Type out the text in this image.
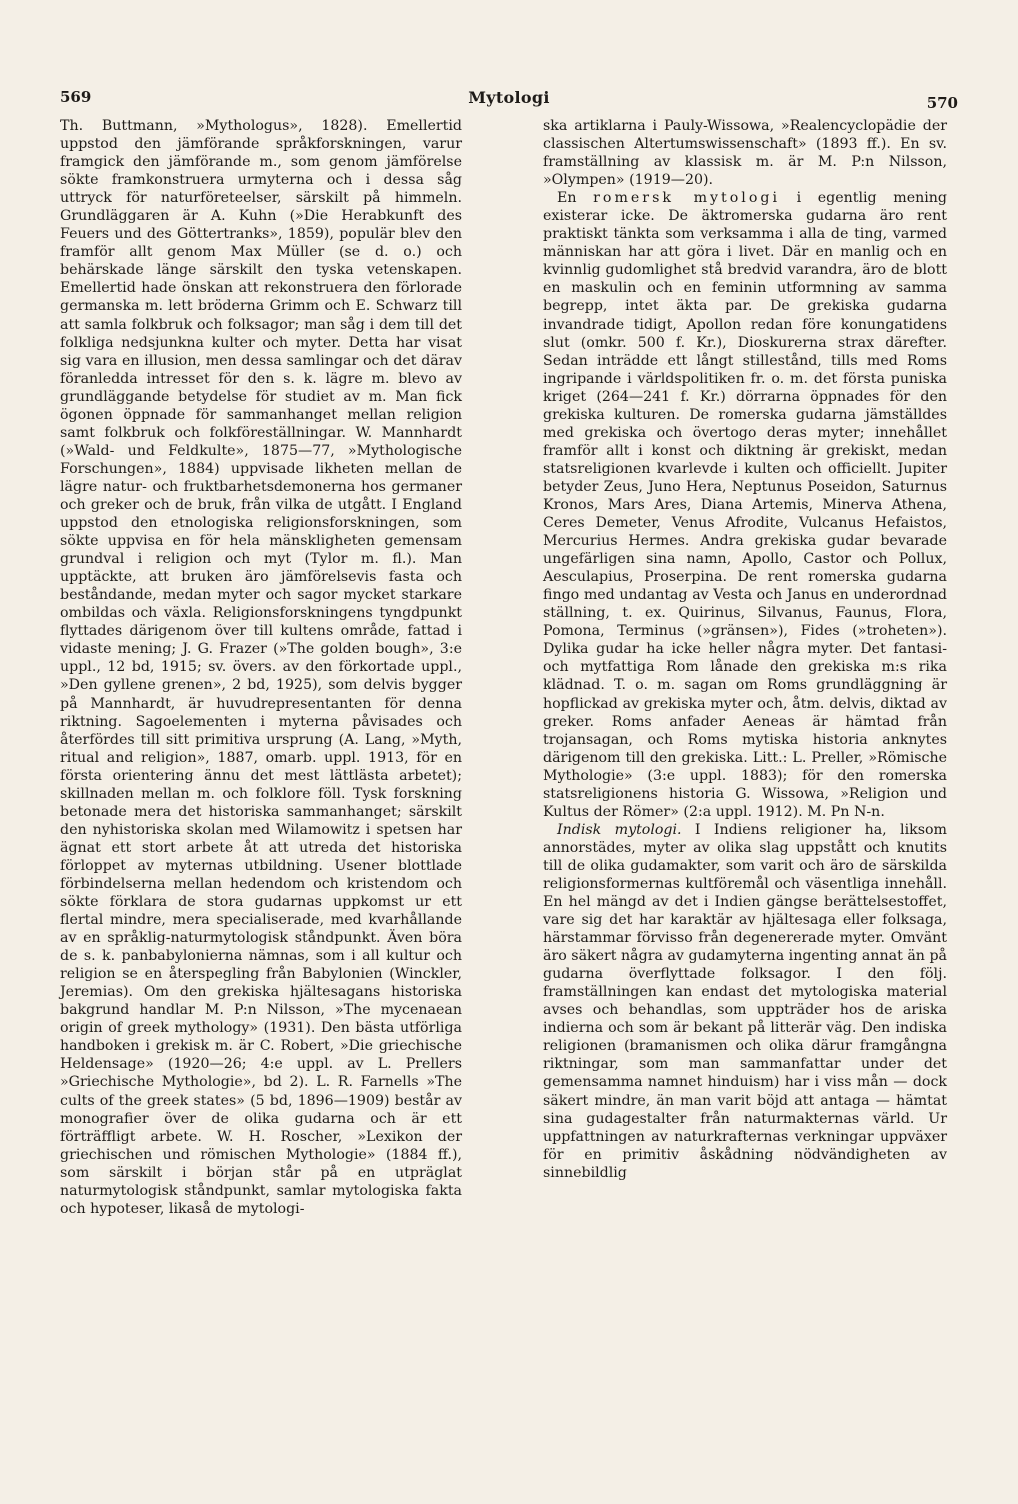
569	Mytologi	570

Th. Buttmann, »Mythologus», 1828). Emellertid uppstod den jämförande språkforskningen, varur framgick den jämförande m., som genom jämförelse sökte framkonstruera urmyterna och i dessa såg uttryck för naturföreteelser, särskilt på himmeln. Grundläggaren är A. Kuhn (»Die Herabkunft des Feuers und des Göttertranks», 1859), populär blev den framför allt genom Max Müller (se d. o.) och behärskade länge särskilt den tyska vetenskapen. Emellertid hade önskan att rekonstruera den förlorade germanska m. lett bröderna Grimm och E. Schwarz till att samla folkbruk och folksagor; man såg i dem till det folkliga nedsjunkna kulter och myter. Detta har visat sig vara en illusion, men dessa samlingar och det därav föranledda intresset för den s. k. lägre m. blevo av grundläggande betydelse för studiet av m. Man fick ögonen öppnade för sammanhanget mellan religion samt folkbruk och folkföreställningar. W. Mannhardt (»Wald- und Feldkulte», 1875—77, »Mythologische Forschungen», 1884) uppvisade likheten mellan de lägre natur- och fruktbarhetsdemonerna hos germaner och greker och de bruk, från vilka de utgått. I England uppstod den etnologiska religionsforskningen, som sökte uppvisa en för hela mänskligheten gemensam grundval i religion och myt (Tylor m. fl.). Man upptäckte, att bruken äro jämförelsevis fasta och beståndande, medan myter och sagor mycket starkare ombildas och växla. Religionsforskningens tyngdpunkt flyttades därigenom över till kultens område, fattad i vidaste mening; J. G. Frazer (»The golden bough», 3:e uppl., 12 bd, 1915; sv. övers. av den förkortade uppl., »Den gyllene grenen», 2 bd, 1925), som delvis bygger på Mannhardt, är huvudrepresentanten för denna riktning. Sagoelementen i myterna påvisades och återfördes till sitt primitiva ursprung (A. Lang, »Myth, ritual and religion», 1887, omarb. uppl. 1913, för en första orientering ännu det mest lättlästa arbetet); skillnaden mellan m. och folklore föll. Tysk forskning betonade mera det historiska sammanhanget; särskilt den nyhistoriska skolan med Wilamowitz i spetsen har ägnat ett stort arbete åt att utreda det historiska förloppet av myternas utbildning. Usener blottlade förbindelserna mellan hedendom och kristendom och sökte förklara de stora gudarnas uppkomst ur ett flertal mindre, mera specialiserade, med kvarhållande av en språklig-naturmytologisk ståndpunkt. Även böra de s. k. panbabylonierna nämnas, som i all kultur och religion se en återspegling från Babylonien (Winckler, Jeremias). Om den grekiska hjältesagans historiska bakgrund handlar M. P:n Nilsson, »The mycenaean origin of greek mythology» (1931). Den bästa utförliga handboken i grekisk m. är C. Robert, »Die griechische Heldensage» (1920—26; 4:e uppl. av L. Prellers »Griechische Mythologie», bd 2). L. R. Farnells »The cults of the greek states» (5 bd, 1896—1909) består av monografier över de olika gudarna och är ett förträffligt arbete. W. H. Roscher, »Lexikon der griechischen und römischen Mythologie» (1884 ff.), som särskilt i början står på en utpräglat naturmytologisk ståndpunkt, samlar mytologiska fakta och hypoteser, likaså de mytologi-

ska artiklarna i Pauly-Wissowa, »Realencyclopädie der classischen Altertumswissenschaft» (1893 ff.). En sv. framställning av klassisk m. är M. P:n Nilsson, »Olympen» (1919—20).

En romersk mytologi i egentlig mening existerar icke. De äktromerska gudarna äro rent praktiskt tänkta som verksamma i alla de ting, varmed människan har att göra i livet. Där en manlig och en kvinnlig gudomlighet stå bredvid varandra, äro de blott en maskulin och en feminin utformning av samma begrepp, intet äkta par. De grekiska gudarna invandrade tidigt, Apollon redan före konungatidens slut (omkr. 500 f. Kr.), Dioskurerna strax därefter. Sedan inträdde ett långt stillestånd, tills med Roms ingripande i världspolitiken fr. o. m. det första puniska kriget (264—241 f. Kr.) dörrarna öppnades för den grekiska kulturen. De romerska gudarna jämställdes med grekiska och övertogo deras myter; innehållet framför allt i konst och diktning är grekiskt, medan statsreligionen kvarlevde i kulten och officiellt. Jupiter betyder Zeus, Juno Hera, Neptunus Poseidon, Saturnus Kronos, Mars Ares, Diana Artemis, Minerva Athena, Ceres Demeter, Venus Afrodite, Vulcanus Hefaistos, Mercurius Hermes. Andra grekiska gudar bevarade ungefärligen sina namn, Apollo, Castor och Pollux, Aesculapius, Proserpina. De rent romerska gudarna fingo med undantag av Vesta och Janus en underordnad ställning, t. ex. Quirinus, Silvanus, Faunus, Flora, Pomona, Terminus (»gränsen»), Fides (»troheten»). Dylika gudar ha icke heller några myter. Det fantasi- och mytfattiga Rom lånade den grekiska m:s rika klädnad. T. o. m. sagan om Roms grundläggning är hopflickad av grekiska myter och, åtm. delvis, diktad av greker. Roms anfader Aeneas är hämtad från trojansagan, och Roms mytiska historia anknytes därigenom till den grekiska. Litt.: L. Preller, »Römische Mythologie» (3:e uppl. 1883); för den romerska statsreligionens historia G. Wissowa, »Religion und Kultus der Römer» (2:a uppl. 1912). M. Pn N-n.

Indisk mytologi. I Indiens religioner ha, liksom annorstädes, myter av olika slag uppstått och knutits till de olika gudamakter, som varit och äro de särskilda religionsformernas kultföremål och väsentliga innehåll. En hel mängd av det i Indien gängse berättelsestoffet, vare sig det har karaktär av hjältesaga eller folksaga, härstammar förvisso från degenererade myter. Omvänt äro säkert några av gudamyterna ingenting annat än på gudarna överflyttade folksagor. I den följ. framställningen kan endast det mytologiska material avses och behandlas, som uppträder hos de ariska indierna och som är bekant på litterär väg. Den indiska religionen (bramanismen och olika därur framgångna riktningar, som man sammanfattar under det gemensamma namnet hinduism) har i viss mån — dock säkert mindre, än man varit böjd att antaga — hämtat sina gudagestalter från naturmakternas värld. Ur uppfattningen av naturkrafternas verkningar uppväxer för en primitiv åskådning nödvändigheten av sinnebildlig
